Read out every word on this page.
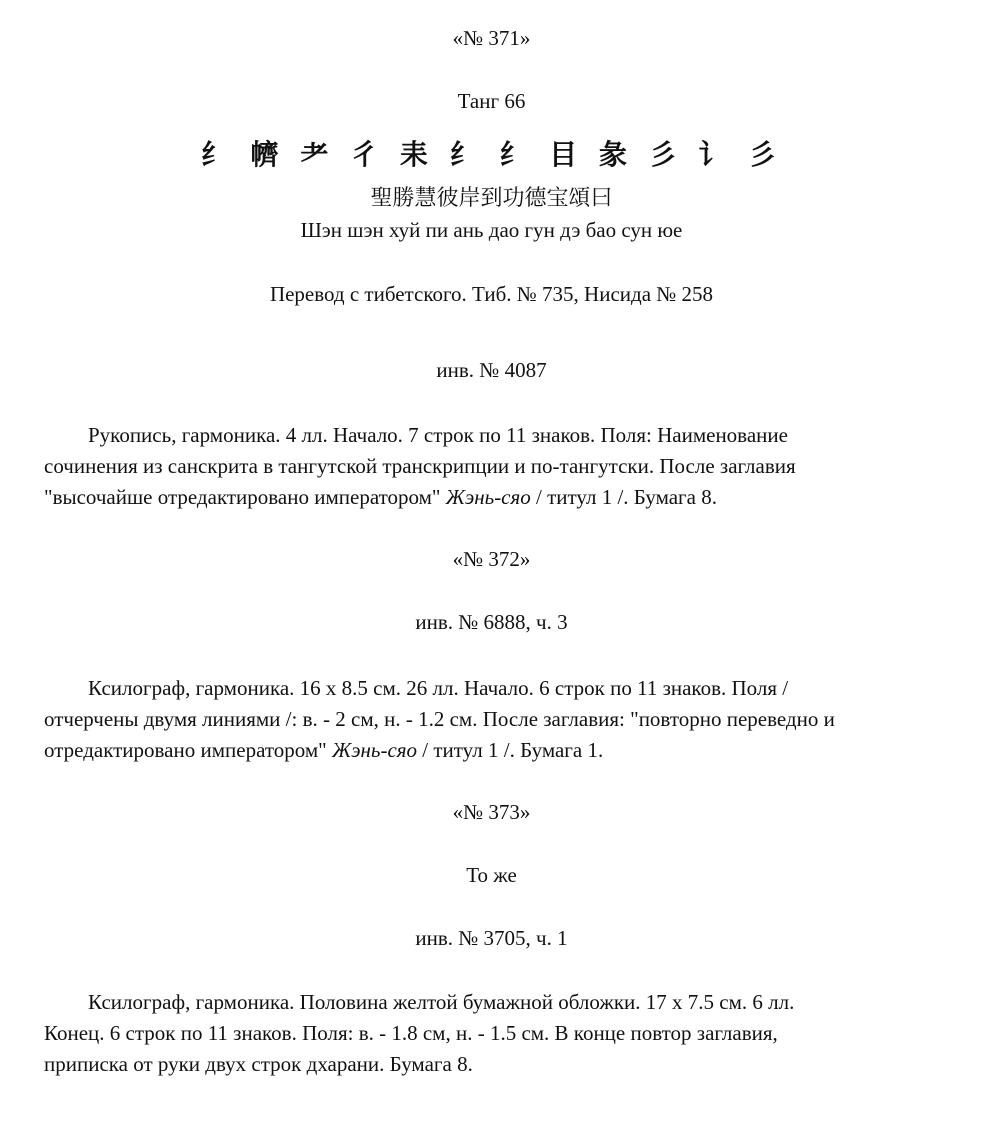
«№ 371»
Танг 66
纟 䶓 耂 彳 耒 纟 纟 目 彖 彡 讠 彡
聖勝慧彼岸到功德宝頌曰
Шэн шэн хуй пи ань дао гун дэ бао сун юе
Перевод с тибетского. Тиб. № 735, Нисида № 258
инв. № 4087
Рукопись, гармоника. 4 лл. Начало. 7 строк по 11 знаков. Поля: Наименование
сочинения из санскрита в тангутской транскрипции и по-тангутски. После заглавия
"высочайше отредактировано императором" Жэнь-сяо / титул 1 /. Бумага 8.
«№ 372»
инв. № 6888, ч. 3
Ксилограф, гармоника. 16 х 8.5 см. 26 лл. Начало. 6 строк по 11 знаков. Поля /
отчерчены двумя линиями /: в. - 2 см, н. - 1.2 см. После заглавия: "повторно переведно и
отредактировано императором" Жэнь-сяо / титул 1 /. Бумага 1.
«№ 373»
То же
инв. № 3705, ч. 1
Ксилограф, гармоника. Половина желтой бумажной обложки. 17 х 7.5 см. 6 лл.
Конец. 6 строк по 11 знаков. Поля: в. - 1.8 см, н. - 1.5 см. В конце повтор заглавия,
приписка от руки двух строк дхарани. Бумага 8.
